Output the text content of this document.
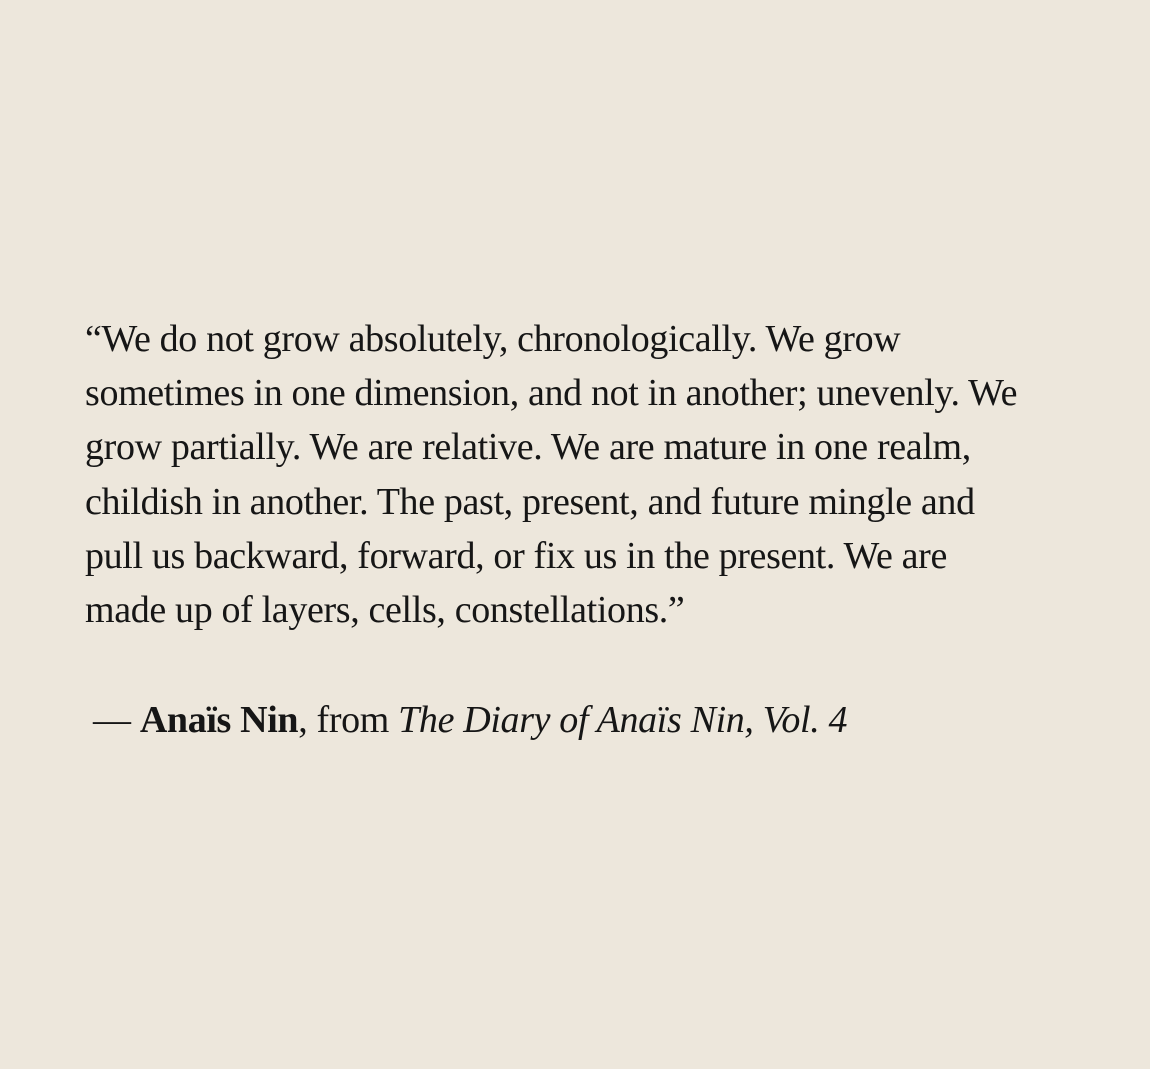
“We do not grow absolutely, chronologically. We grow
sometimes in one dimension, and not in another; unevenly. We
grow partially. We are relative. We are mature in one realm,
childish in another. The past, present, and future mingle and
pull us backward, forward, or fix us in the present. We are
made up of layers, cells, constellations.”

— Anaïs Nin, from The Diary of Anaïs Nin, Vol. 4
